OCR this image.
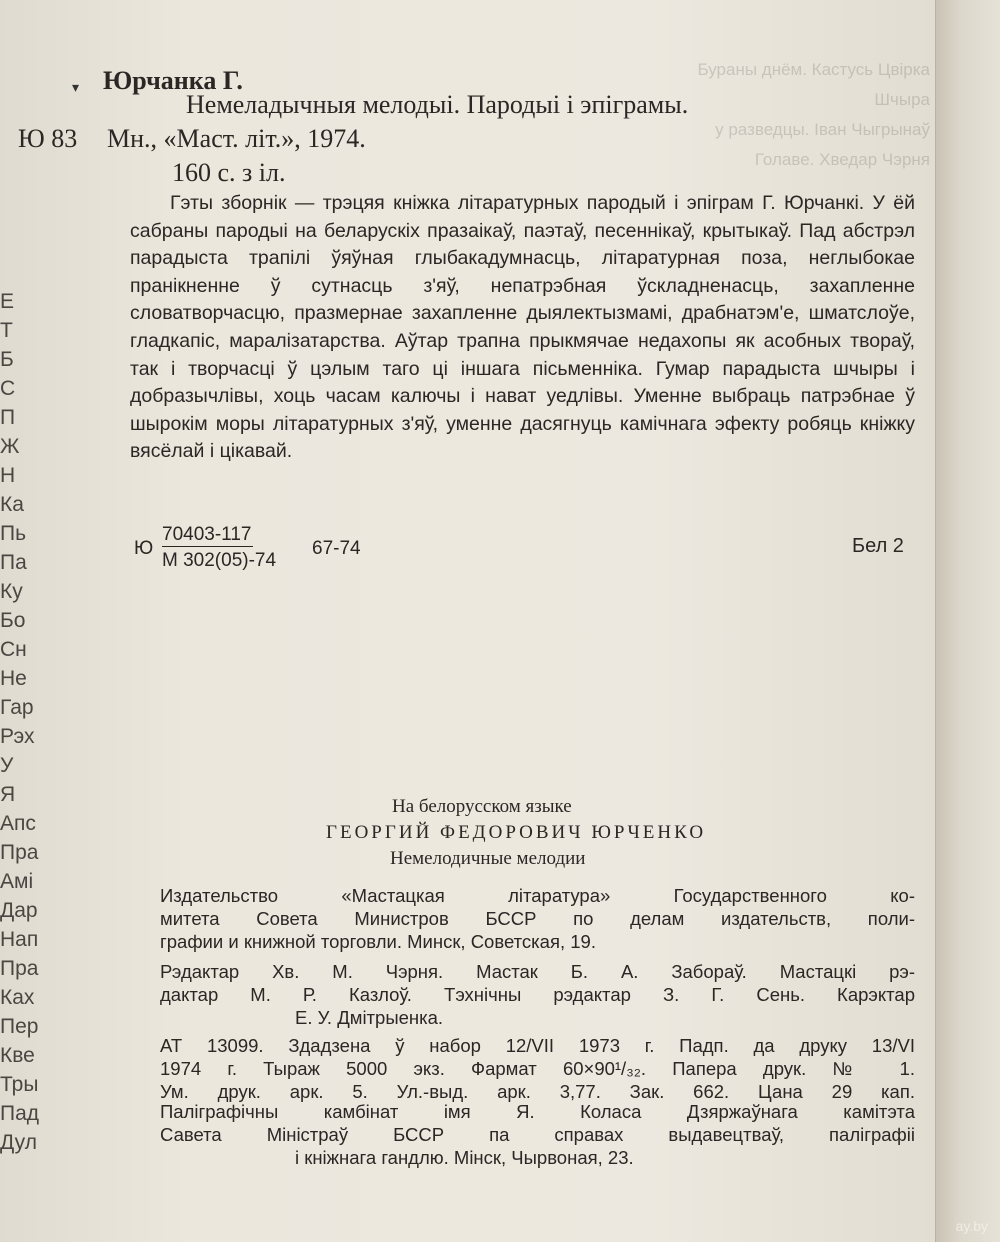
Е
Т
Б
С
П
Ж
Н
Ка
Пь
Па
Ку
Бо
Сн
Не
Гар
Рэх
У
Я
Апс
Пра
Амі
Дар
Нап
Пра
Ках
Пер
Кве
Тры
Пад
Дул
Бураны днём. Кастусь Цвірка
Шчыра
у разведцы. Іван Чыгрынаў
Голаве. Хведар Чэрня
▾ Юрчанка Г.
Немеладычныя мелодыі. Пародыі і эпіграмы.
Ю 83 Мн., «Маст. літ.», 1974.
160 с. з іл.

Гэты зборнік — трэцяя кніжка літаратурных пародый і эпіграм Г. Юрчанкі. У ёй сабраны пародыі на беларускіх празаікаў, паэтаў, песеннікаў, крытыкаў. Пад абстрэл парадыста трапілі ўяўная глыбакадумнасць, літаратурная поза, неглыбокае пранікненне ў сутнасць з'яў, непатрэбная ўскладненасць, захапленне словатворчасцю, празмернае захапленне дыялектызмамі, драбнатэм'е, шматслоўе, гладкапіс, маралізатарства. Аўтар трапна прыкмячае недахопы як асобных твораў, так і творчасці ў цэлым таго ці іншага пісьменніка. Гумар парадыста шчыры і добразычлівы, хоць часам калючы і нават уедлівы. Уменне выбраць патрэбнае ў шырокім моры літаратурных з'яў, уменне дасягнуць камічнага эфекту робяць кніжку вясёлай і цікавай.

Ю
70403-117
М 302(05)-74
67-74	Бел 2
На белорусском языке
ГЕОРГИЙ ФЕДОРОВИЧ ЮРЧЕНКО
Немелодичные мелодии
Издательство «Мастацкая літаратура» Государственного ко-
митета Совета Министров БССР по делам издательств, поли-
графии и книжной торговли. Минск, Советская, 19.
Рэдактар Хв. М. Чэрня. Мастак Б. А. Забораў. Мастацкі рэ-
дактар М. Р. Казлоў. Тэхнічны рэдактар З. Г. Сень. Карэктар
Е. У. Дмітрыенка.
АТ 13099. Здадзена ў набор 12/VII 1973 г. Падп. да друку 13/VI
1974 г. Тыраж 5000 экз. Фармат 60×90¹/₃₂. Папера друк. № 1.
Ум. друк. арк. 5. Ул.-выд. арк. 3,77. Зак. 662. Цана 29 кап.
Паліграфічны камбінат імя Я. Коласа Дзяржаўнага камітэта
Савета Міністраў БССР па справах выдавецтваў, паліграфіі
і кніжнага гандлю. Мінск, Чырвоная, 23.
ay.by
